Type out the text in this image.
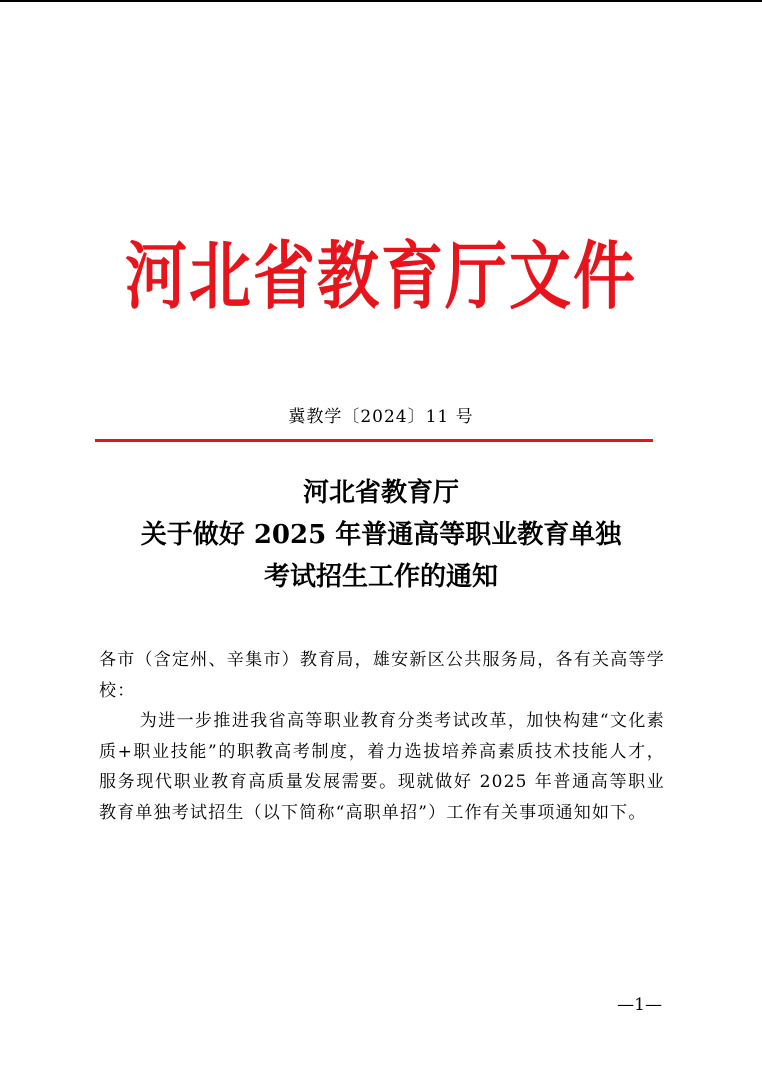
河北省教育厅文件
冀教学〔2024〕11 号
河北省教育厅
关于做好 2025 年普通高等职业教育单独
考试招生工作的通知

各市（含定州、辛集市）教育局，雄安新区公共服务局，各有关高等学校：

为进一步推进我省高等职业教育分类考试改革，加快构建“文化素质+职业技能”的职教高考制度，着力选拔培养高素质技术技能人才，服务现代职业教育高质量发展需要。现就做好 2025 年普通高等职业教育单独考试招生（以下简称“高职单招”）工作有关事项通知如下。

—1—
